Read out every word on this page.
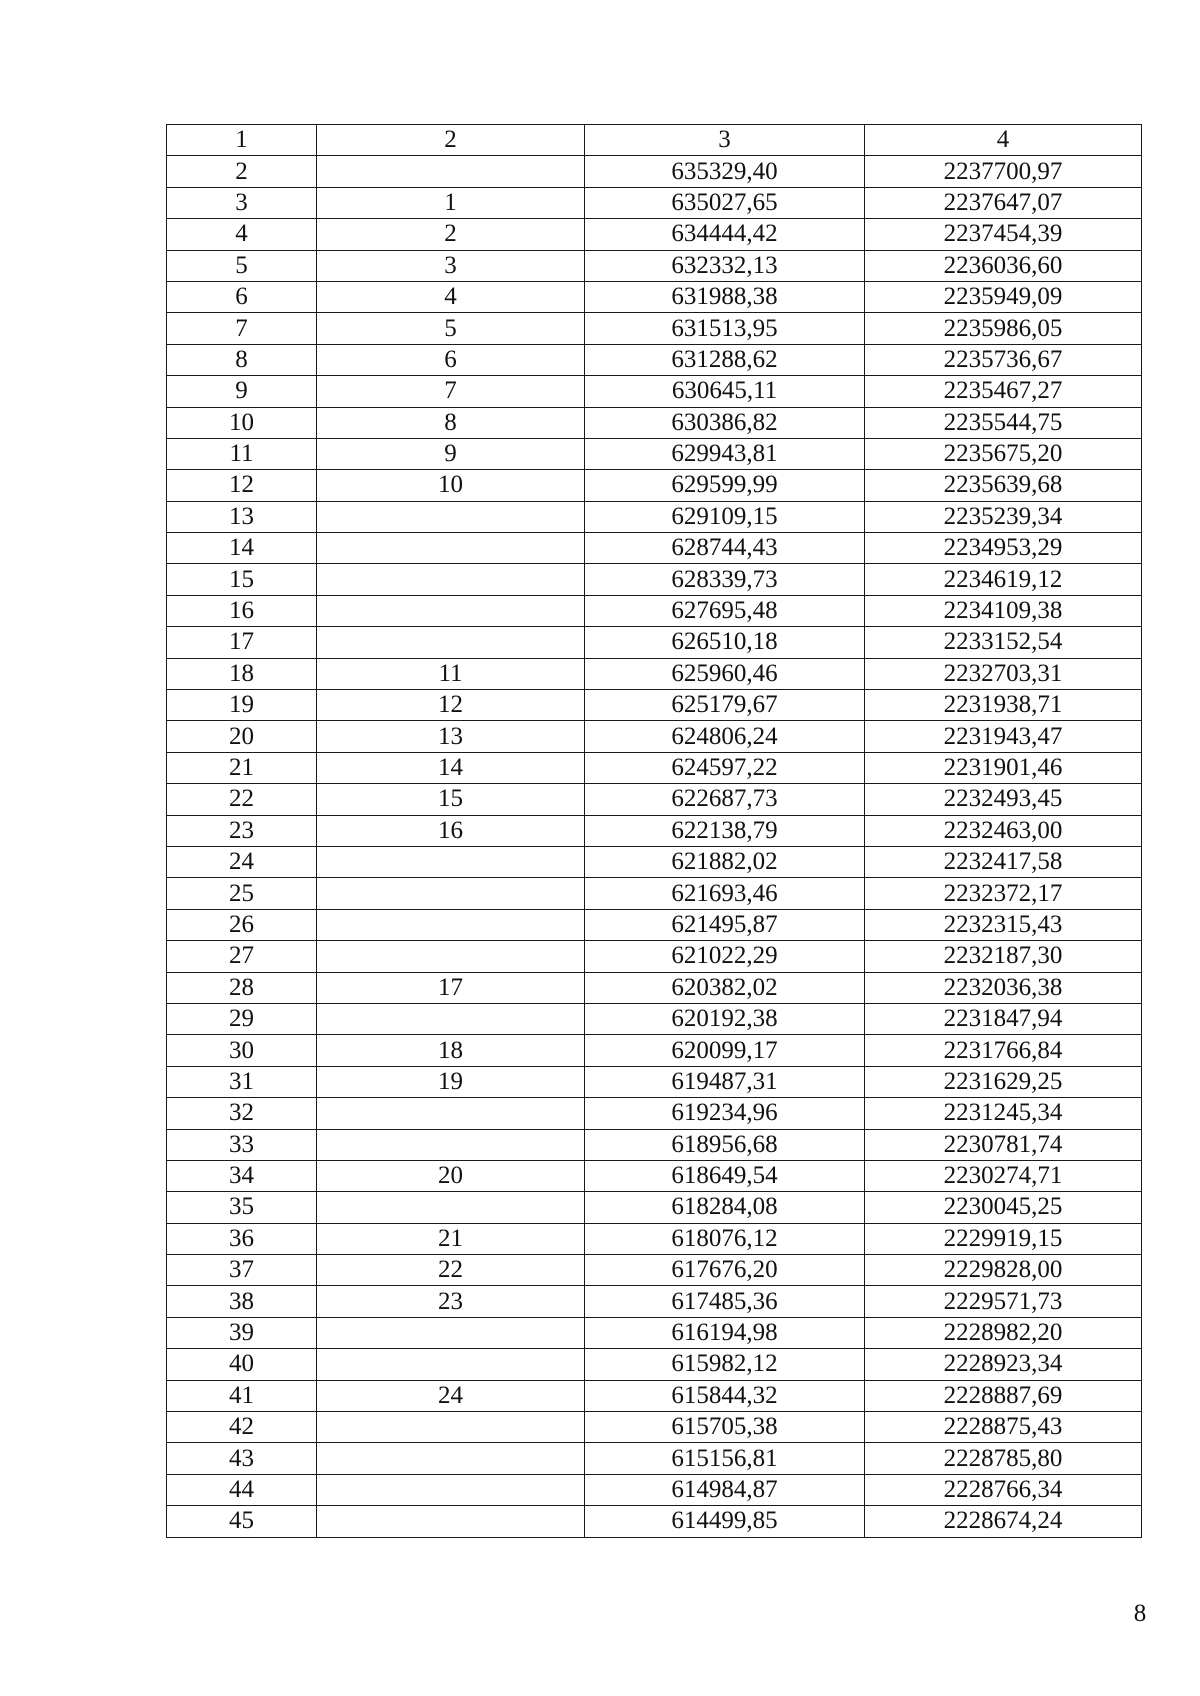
1	2	3	4
2		635329,40	2237700,97
3	1	635027,65	2237647,07
4	2	634444,42	2237454,39
5	3	632332,13	2236036,60
6	4	631988,38	2235949,09
7	5	631513,95	2235986,05
8	6	631288,62	2235736,67
9	7	630645,11	2235467,27
10	8	630386,82	2235544,75
11	9	629943,81	2235675,20
12	10	629599,99	2235639,68
13		629109,15	2235239,34
14		628744,43	2234953,29
15		628339,73	2234619,12
16		627695,48	2234109,38
17		626510,18	2233152,54
18	11	625960,46	2232703,31
19	12	625179,67	2231938,71
20	13	624806,24	2231943,47
21	14	624597,22	2231901,46
22	15	622687,73	2232493,45
23	16	622138,79	2232463,00
24		621882,02	2232417,58
25		621693,46	2232372,17
26		621495,87	2232315,43
27		621022,29	2232187,30
28	17	620382,02	2232036,38
29		620192,38	2231847,94
30	18	620099,17	2231766,84
31	19	619487,31	2231629,25
32		619234,96	2231245,34
33		618956,68	2230781,74
34	20	618649,54	2230274,71
35		618284,08	2230045,25
36	21	618076,12	2229919,15
37	22	617676,20	2229828,00
38	23	617485,36	2229571,73
39		616194,98	2228982,20
40		615982,12	2228923,34
41	24	615844,32	2228887,69
42		615705,38	2228875,43
43		615156,81	2228785,80
44		614984,87	2228766,34
45		614499,85	2228674,24
8
